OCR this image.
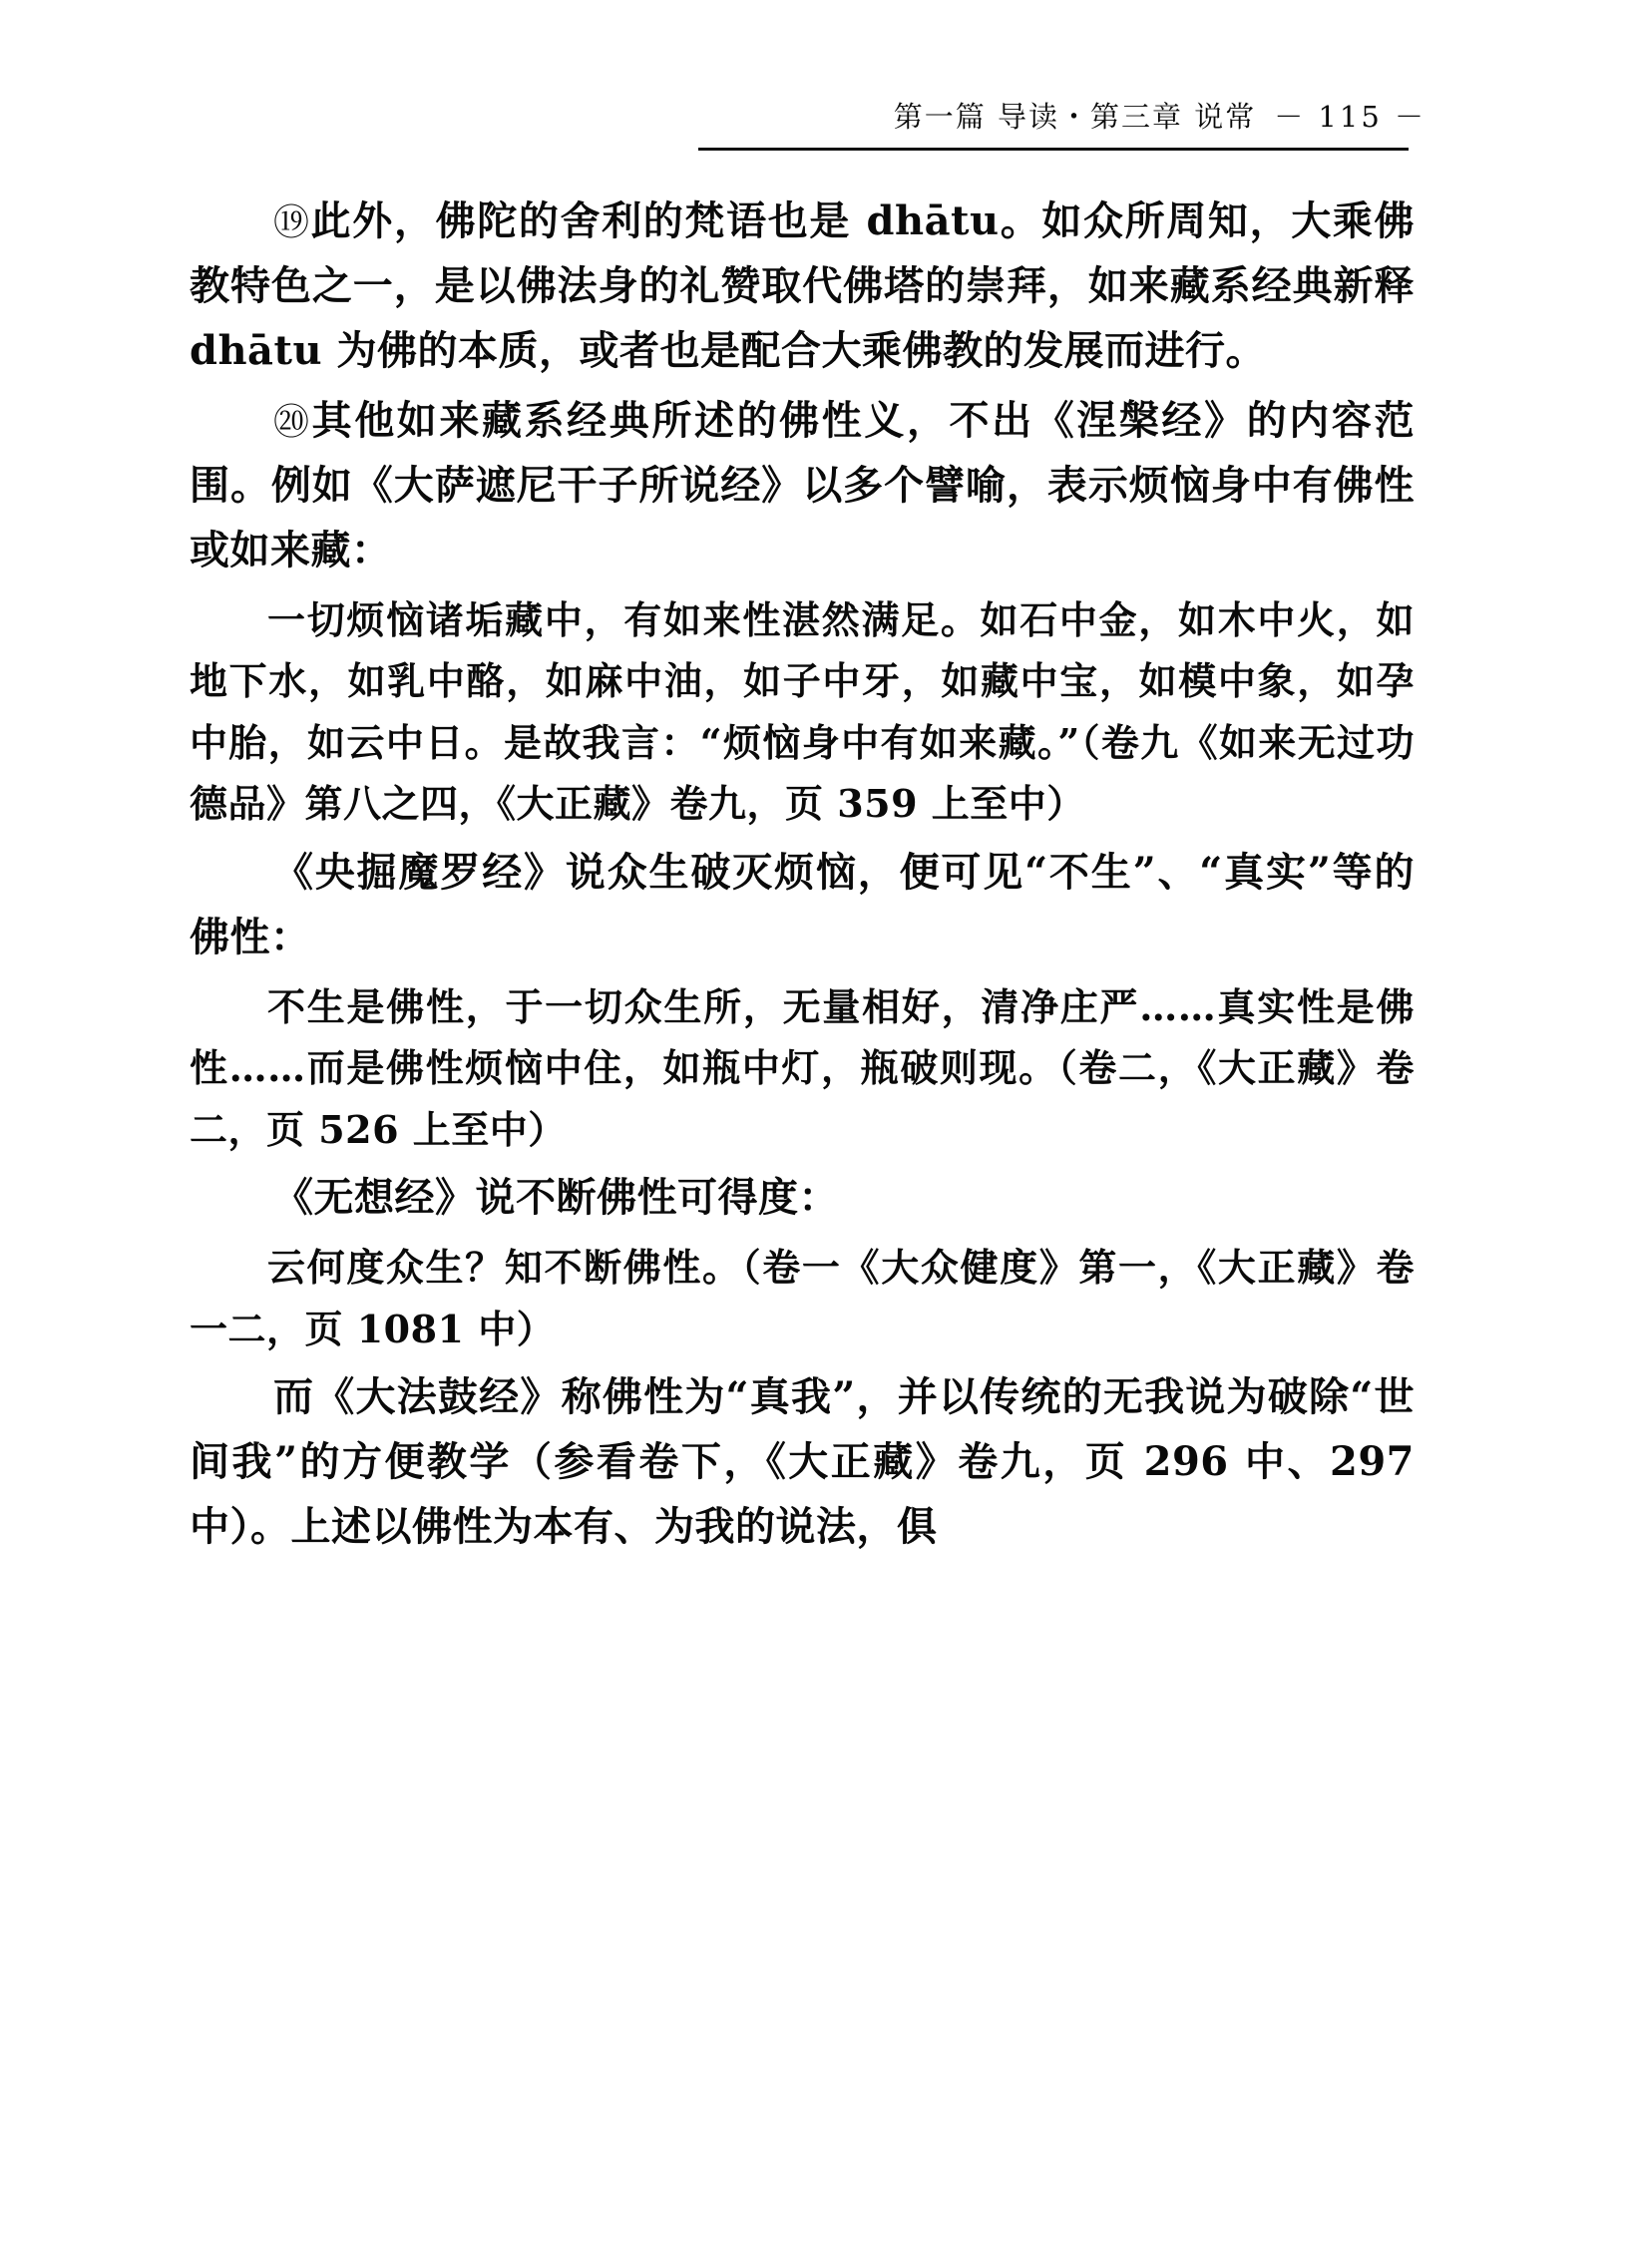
第一篇 导读・第三章 说常 － 115 －

⑲此外，佛陀的舍利的梵语也是 dhātu。如众所周知，大乘佛教特色之一，是以佛法身的礼赞取代佛塔的崇拜，如来藏系经典新释 dhātu 为佛的本质，或者也是配合大乘佛教的发展而进行。

⑳其他如来藏系经典所述的佛性义，不出《涅槃经》的内容范围。例如《大萨遮尼干子所说经》以多个譬喻，表示烦恼身中有佛性或如来藏：

一切烦恼诸垢藏中，有如来性湛然满足。如石中金，如木中火，如地下水，如乳中酪，如麻中油，如子中牙，如藏中宝，如模中象，如孕中胎，如云中日。是故我言：“烦恼身中有如来藏。”（卷九《如来无过功德品》第八之四，《大正藏》卷九，页 359 上至中）

《央掘魔罗经》说众生破灭烦恼，便可见“不生”、“真实”等的佛性：

不生是佛性，于一切众生所，无量相好，清净庄严……真实性是佛性……而是佛性烦恼中住，如瓶中灯，瓶破则现。（卷二，《大正藏》卷二，页 526 上至中）

《无想经》说不断佛性可得度：

云何度众生？知不断佛性。（卷一《大众健度》第一，《大正藏》卷一二，页 1081 中）

而《大法鼓经》称佛性为“真我”，并以传统的无我说为破除“世间我”的方便教学（参看卷下，《大正藏》卷九，页 296 中、297 中）。上述以佛性为本有、为我的说法，俱
